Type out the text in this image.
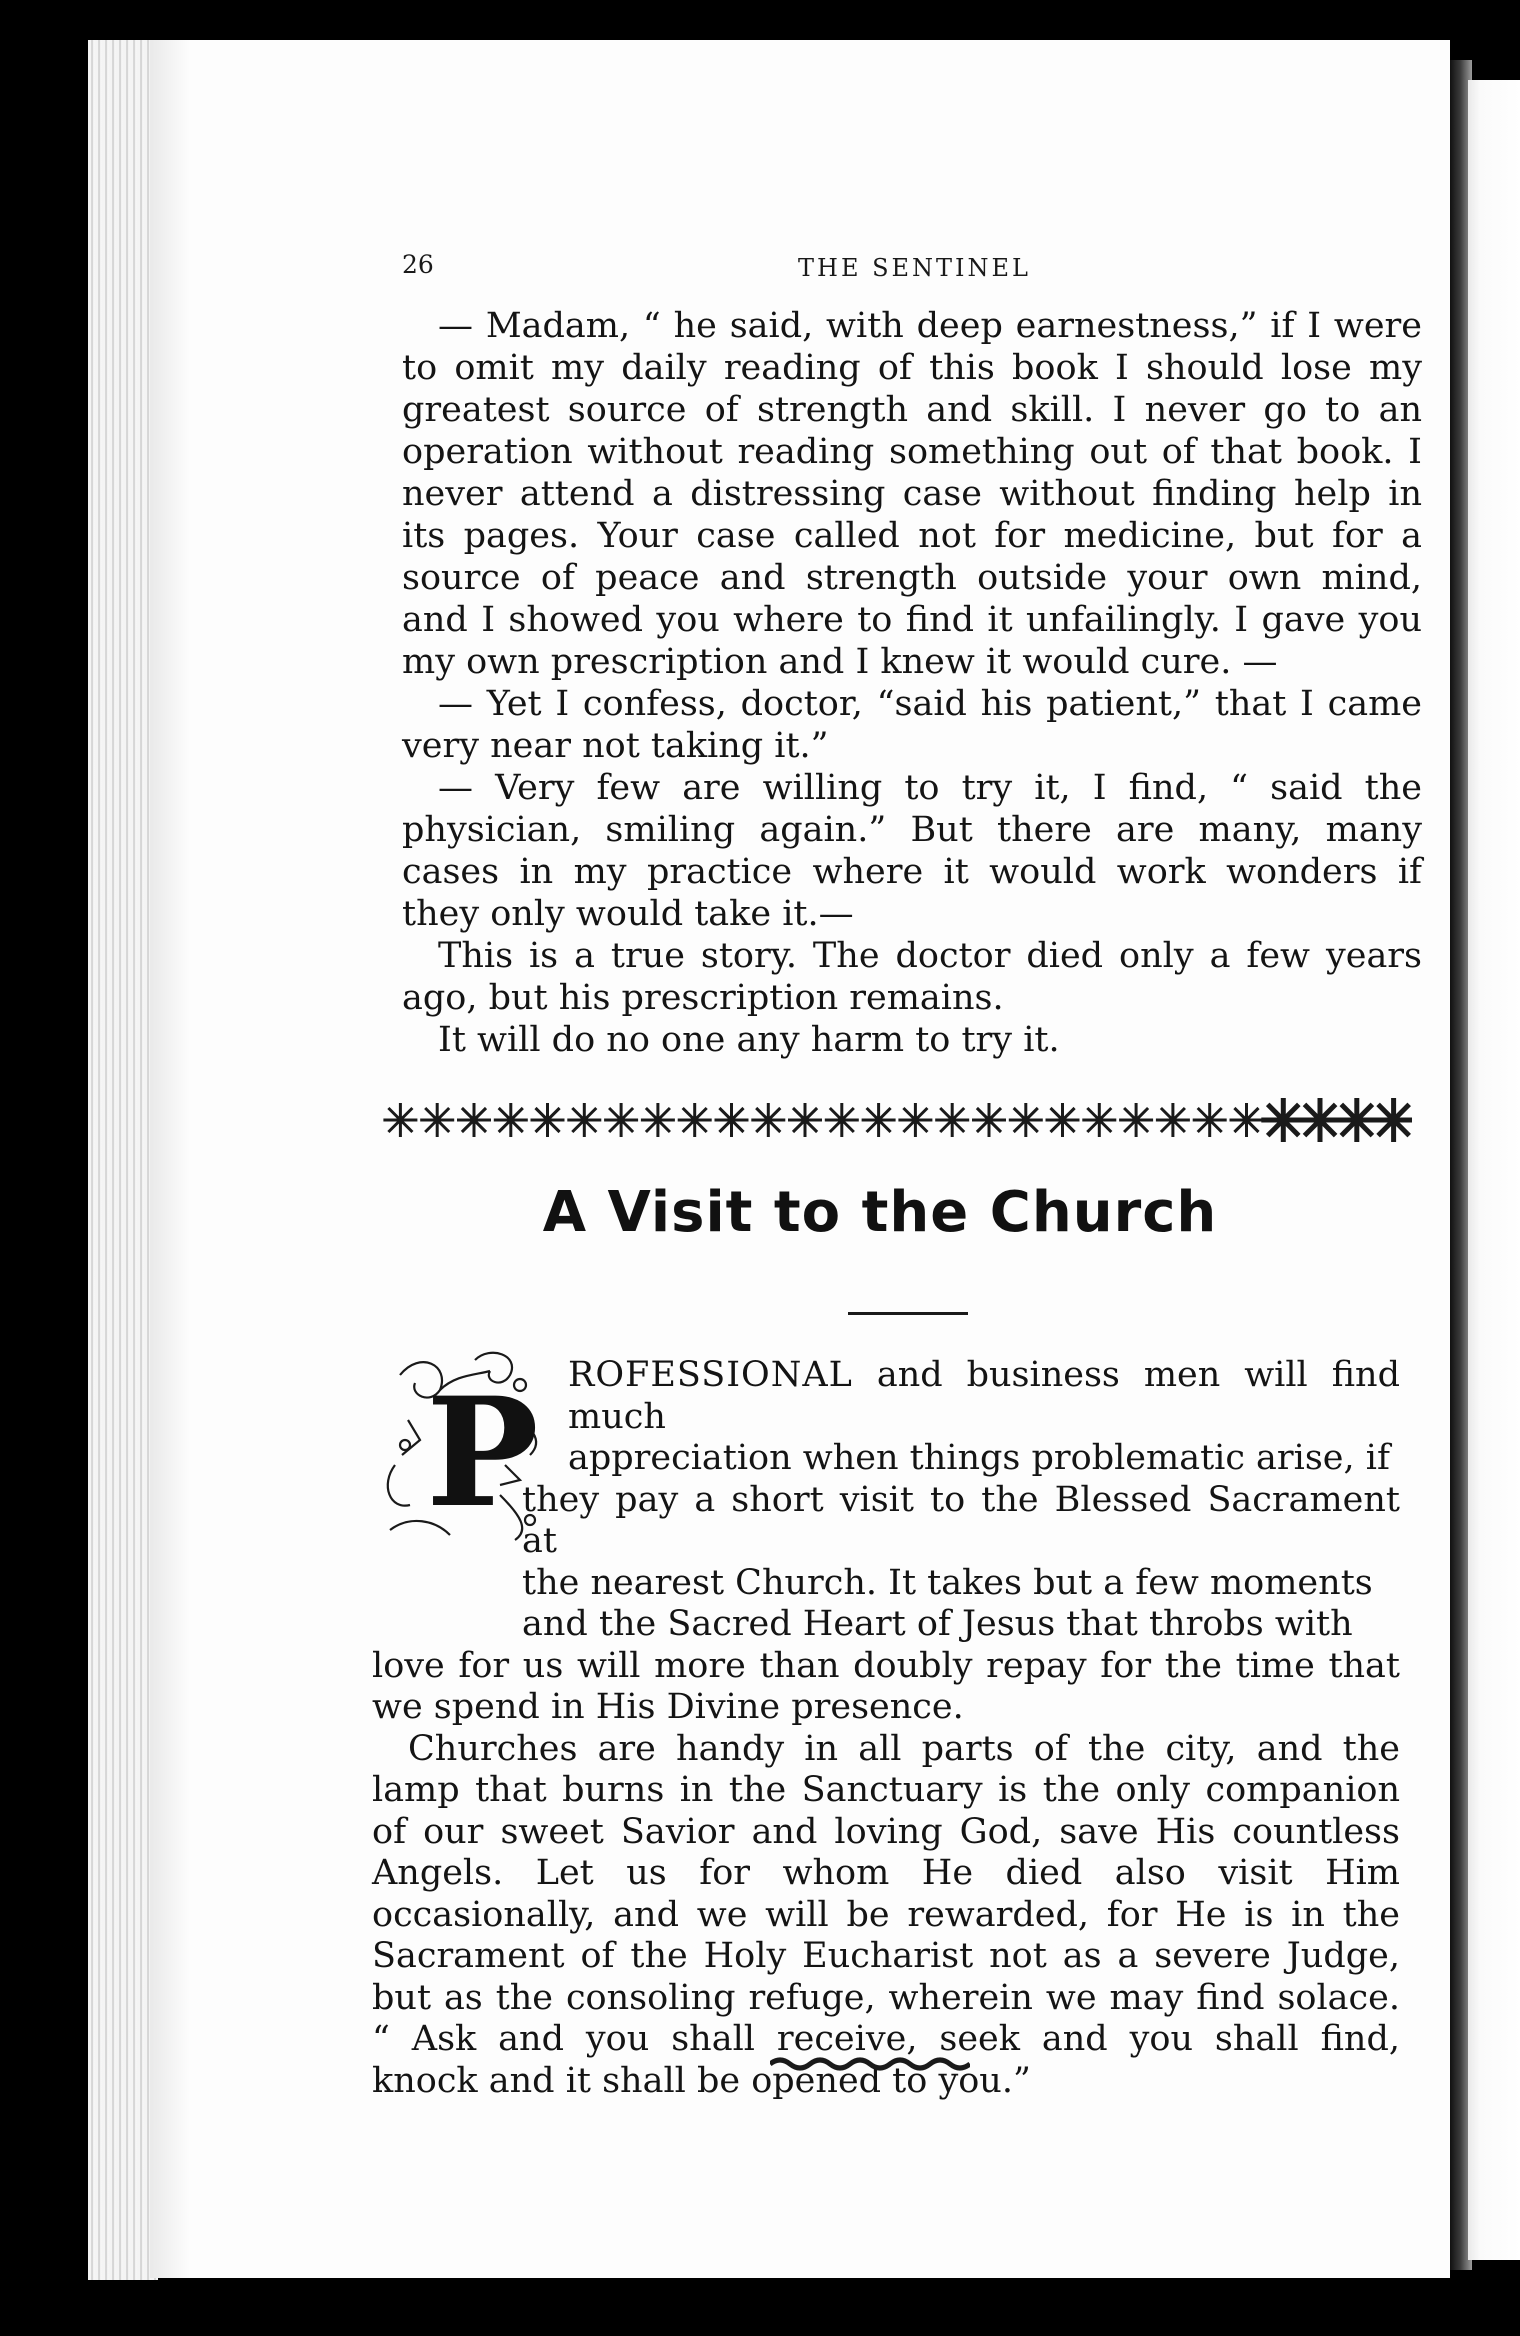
26	THE SENTINEL

— Madam, “ he said, with deep earnestness,” if I were to omit my daily reading of this book I should lose my greatest source of strength and skill. I never go to an operation without reading something out of that book. I never attend a distressing case without finding help in its pages. Your case called not for medicine, but for a source of peace and strength outside your own mind, and I showed you where to find it unfailingly. I gave you my own prescription and I knew it would cure. —

— Yet I confess, doctor, “said his patient,” that I came very near not taking it.”

— Very few are willing to try it, I find, “ said the physician, smiling again.” But there are many, many cases in my practice where it would work wonders if they only would take it.—

This is a true story. The doctor died only a few years ago, but his prescription remains.

It will do no one any harm to try it.

A Visit to the Church
P ROFESSIONAL and business men will find much

appreciation when things problematic arise, if

they pay a short visit to the Blessed Sacrament at

the nearest Church. It takes but a few moments

and the Sacred Heart of Jesus that throbs with

love for us will more than doubly repay for the time that we spend in His Divine presence.

Churches are handy in all parts of the city, and the lamp that burns in the Sanctuary is the only companion of our sweet Savior and loving God, save His countless Angels. Let us for whom He died also visit Him occasionally, and we will be rewarded, for He is in the Sacrament of the Holy Eucharist not as a severe Judge, but as the consoling refuge, wherein we may find solace. “ Ask and you shall receive, seek and you shall find, knock and it shall be opened to you.”
